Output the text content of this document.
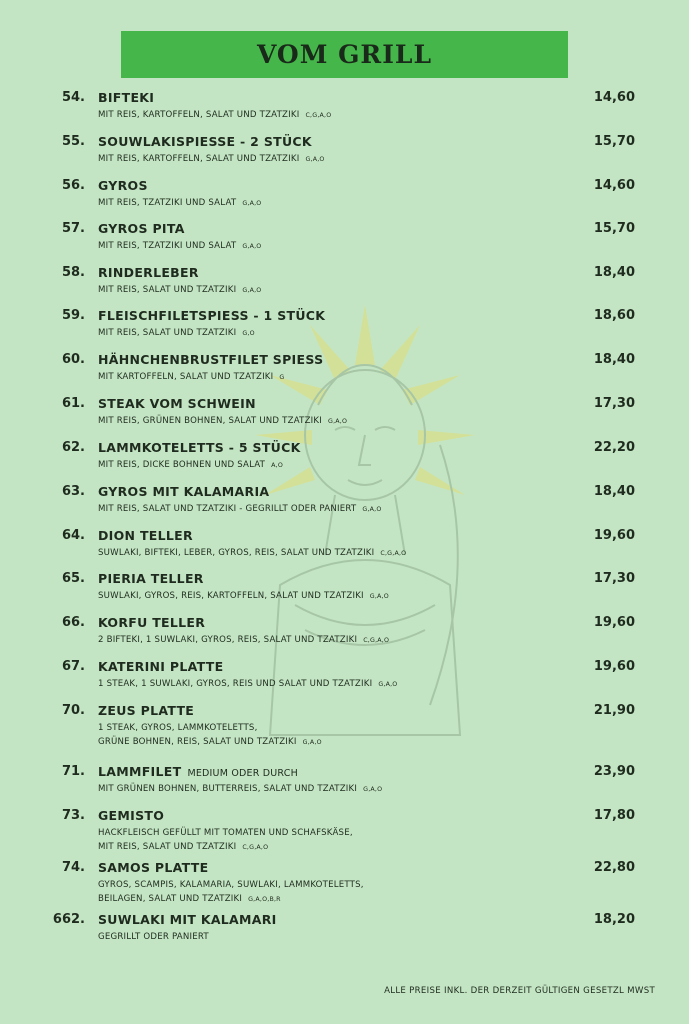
VOM GRILL
54. BIFTEKI	14,60
MIT REIS, KARTOFFELN, SALAT UND TZATZIKI C,G,A,O
55. SOUWLAKISPIESSE - 2 STÜCK	15,70
MIT REIS, KARTOFFELN, SALAT UND TZATZIKI G,A,O
56. GYROS	14,60
MIT REIS, TZATZIKI UND SALAT G,A,O
57. GYROS PITA	15,70
MIT REIS, TZATZIKI UND SALAT G,A,O
58. RINDERLEBER	18,40
MIT REIS, SALAT UND TZATZIKI G,A,O
59. FLEISCHFILETSPIESS - 1 STÜCK	18,60
MIT REIS, SALAT UND TZATZIKI G,O
60. HÄHNCHENBRUSTFILET SPIESS	18,40
MIT KARTOFFELN, SALAT UND TZATZIKI G
61. STEAK VOM SCHWEIN	17,30
MIT REIS, GRÜNEN BOHNEN, SALAT UND TZATZIKI G,A,O
62. LAMMKOTELETTS - 5 STÜCK	22,20
MIT REIS, DICKE BOHNEN UND SALAT A,O
63. GYROS MIT KALAMARIA	18,40
MIT REIS, SALAT UND TZATZIKI - GEGRILLT ODER PANIERT G,A,O
64. DION TELLER	19,60
SUWLAKI, BIFTEKI, LEBER, GYROS, REIS, SALAT UND TZATZIKI C,G,A,O
65. PIERIA TELLER	17,30
SUWLAKI, GYROS, REIS, KARTOFFELN, SALAT UND TZATZIKI G,A,O
66. KORFU TELLER	19,60
2 BIFTEKI, 1 SUWLAKI, GYROS, REIS, SALAT UND TZATZIKI C,G,A,O
67. KATERINI PLATTE	19,60
1 STEAK, 1 SUWLAKI, GYROS, REIS UND SALAT UND TZATZIKI G,A,O
70. ZEUS PLATTE	21,90
1 STEAK, GYROS, LAMMKOTELETTS,
GRÜNE BOHNEN, REIS, SALAT UND TZATZIKI G,A,O
71. LAMMFILET MEDIUM ODER DURCH	23,90
MIT GRÜNEN BOHNEN, BUTTERREIS, SALAT UND TZATZIKI G,A,O
73. GEMISTO	17,80
HACKFLEISCH GEFÜLLT MIT TOMATEN UND SCHAFSKÄSE,
MIT REIS, SALAT UND TZATZIKI C,G,A,O
74. SAMOS PLATTE	22,80
GYROS, SCAMPIS, KALAMARIA, SUWLAKI, LAMMKOTELETTS,
BEILAGEN, SALAT UND TZATZIKI G,A,O,B,R
662. SUWLAKI MIT KALAMARI	18,20
GEGRILLT ODER PANIERT
ALLE PREISE INKL. DER DERZEIT GÜLTIGEN GESETZL MWST
